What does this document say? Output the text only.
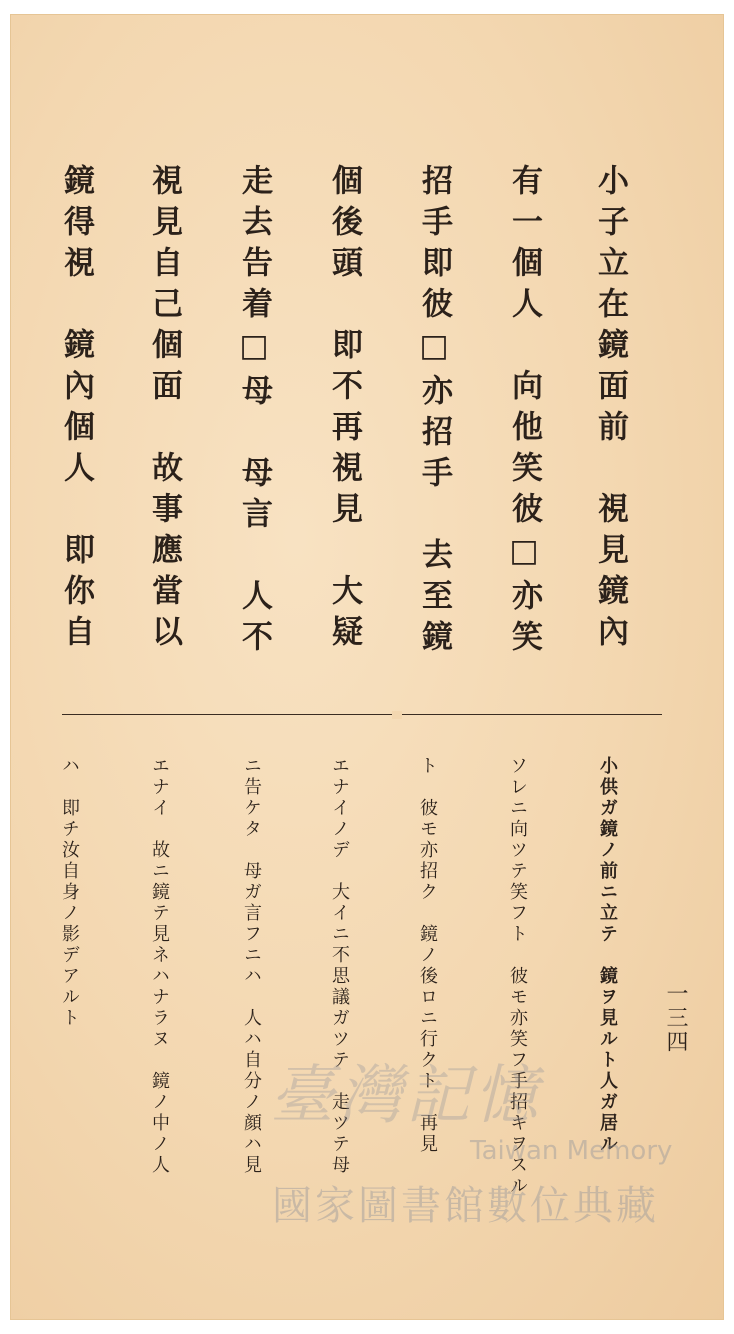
小子立在鏡面前　視見鏡內
有一個人　向他笑彼□亦笑
招手即彼□亦招手　去至鏡
個後頭　即不再視見　大疑
走去告着□母　母言　人不
視見自己個面　故事應當以
鏡得視　鏡內個人　即你自
小供ガ鏡ノ前ニ立テ　鏡ヲ見ルト人ガ居ル
ソレニ向ツテ笑フト　彼モ亦笑フ手招キヲスル
ト　彼モ亦招ク　鏡ノ後ロニ行クト　再見
エナイノデ　大イニ不思議ガツテ　走ツテ母
ニ告ケタ　母ガ言フニハ　人ハ自分ノ顔ハ見
エナイ　故ニ鏡テ見ネハナラヌ　鏡ノ中ノ人
ハ　即チ汝自身ノ影デアルト	一三四
臺灣記憶
Taiwan Memory
國家圖書館數位典藏
